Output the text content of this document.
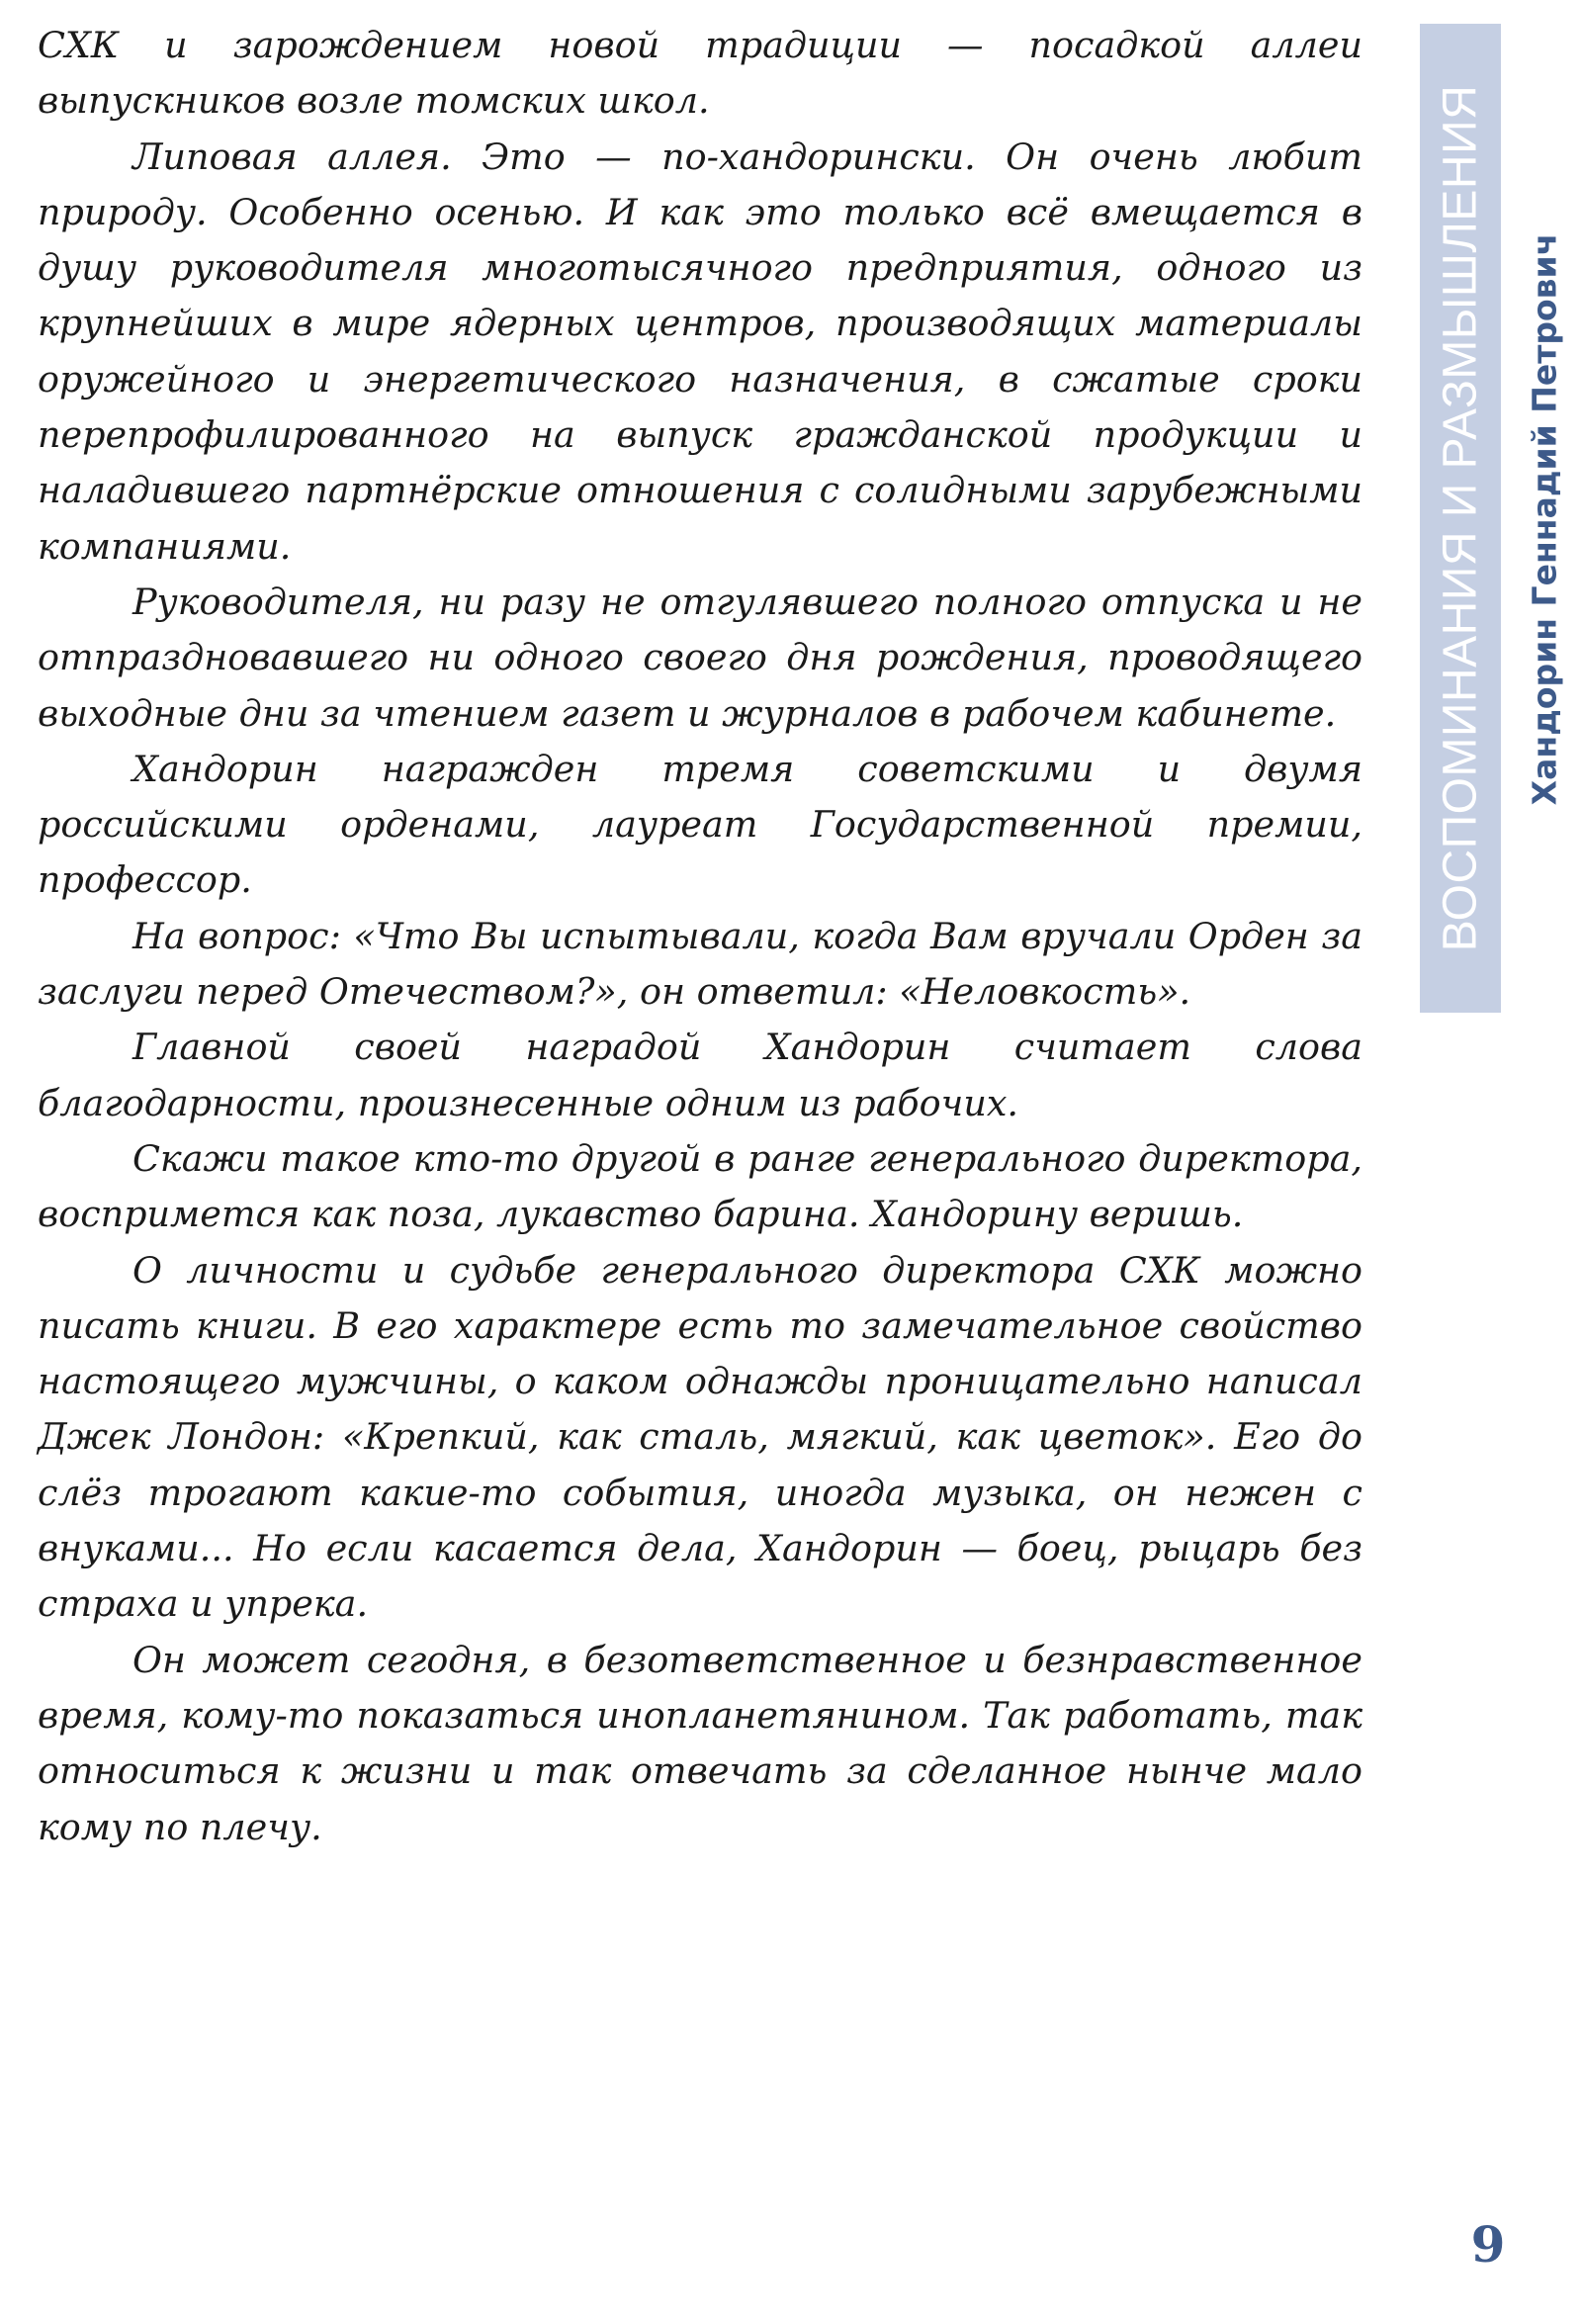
СХК и зарождением новой традиции — посадкой аллеи выпускников возле томских школ.

Липовая аллея. Это — по-хандорински. Он очень любит природу. Особенно осенью. И как это только всё вмещается в душу руководителя многотысячного предприятия, одного из крупнейших в мире ядерных центров, производящих материалы оружейного и энергетического назначения, в сжатые сроки перепрофилированного на выпуск гражданской продукции и наладившего партнёрские отношения с солидными зарубежными компаниями.

Руководителя, ни разу не отгулявшего полного отпуска и не отпраздновавшего ни одного своего дня рождения, проводящего выходные дни за чтением газет и журналов в рабочем кабинете.

Хандорин награжден тремя советскими и двумя российскими орденами, лауреат Государственной премии, профессор.

На вопрос: «Что Вы испытывали, когда Вам вручали Орден за заслуги перед Отечеством?», он ответил: «Неловкость».

Главной своей наградой Хандорин считает слова благодарности, произнесенные одним из рабочих.

Скажи такое кто-то другой в ранге генерального директора, воспримется как поза, лукавство барина. Хандорину веришь.

О личности и судьбе генерального директора СХК можно писать книги. В его характере есть то замечательное свойство настоящего мужчины, о каком однажды проницательно написал Джек Лондон: «Крепкий, как сталь, мягкий, как цветок». Его до слёз трогают какие-то события, иногда музыка, он нежен с внуками... Но если касается дела, Хандорин — боец, рыцарь без страха и упрека.

Он может сегодня, в безответственное и безнравственное время, кому-то показаться инопланетянином. Так работать, так относиться к жизни и так отвечать за сделанное нынче мало кому по плечу.

ВОСПОМИНАНИЯ И РАЗМЫШЛЕНИЯ Хандорин Геннадий Петрович
9
